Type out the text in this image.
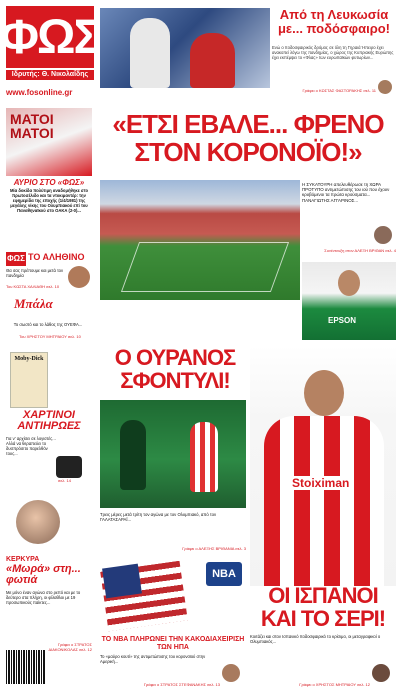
ΦΩΣ
Ιδρυτής: Θ. Νικολαΐδης
www.fosonline.gr
Από τη Λευκωσία με... ποδόσφαιρο!
Ενώ ο ποδοσφαιρικός δρόμος σε όλη τη Γηραιά Ήπειρο έχει ανακοπεί λόγω της πανδημίας, ο χώρος της Κυπριακής Ευρώπης έχει εκπέμψει το «Φλας» των ευρωπαϊκών φυτωρίων...
Γράφει ο ΚΩΣΤΑΣ ΦΑΣΤΟΡΑΚΗΣ σελ. 11
ΜΑΤΟΙ ΜΑΤΟΙ
ΑΥΡΙΟ ΣΤΟ «ΦΩΣ»
Μία δοκίδα πολύτιμη αναδομήθηκε στο πρωτοσέλιδο και τα ντοκιμαντέρ: την εφημερίδα της εποχής (1/4/1981) της μεγάλης νίκης του Ολυμπιακού επί του Παναθηναϊκού στο ΟΑΚΑ (2-0)...
ΦΩΣ ΤΟ ΑΛΗΘΙΝΟ
Θα σας πρέπουμε και μετά τον πανδημία
Του ΚΩΣΤΑ ΧΑΛΙΑΘΗ σελ. 10
Μπάλα
Το σωστό και το λάθος της ΟΥΕΦΑ...
Του ΧΡΗΣΤΟΥ ΜΗΤΡΑΙΟΥ σελ. 10
Moby-Dick
ΧΑΡΤΙΝΟΙ ΑΝΤΙΗΡΩΕΣ
Για ν' αρχίσει σε λογιστές... Αλλά να θεραπεύει το δυσπρόσιτο παρελθόν τους...
σελ. 14
ΚΕΡΚΥΡΑ
«Μωρά» στη... φωτιά
Με μόνο έναν αγώνα στο ρεπό και με το δεύτερο στα πλήρη, οι φίλαθλοι με 19 προσωπικούς παίκτες...
Γράφει ο ΣΤΡΑΤΟΣ ΔΙΑΚΟΝΙΚΟΛΑΣ σελ. 12
«ΕΤΣΙ ΕΒΑΛΕ... ΦΡΕΝΟ ΣΤΟΝ ΚΟΡΟΝΟΪΟ!»
Η ΣΥΚΑΤΟΥΡΗ απελευθέρωσε τη ΧΩΡΑ ΠΡΟΤΥΠΟ αντιμετώπισης του ιού που έχουν κρυβόμενοι τα πρώτα κρούσματα... ΠΑΝΑΓΙΩΤΗΣ ΑΓΓΑΡΙΝΟΣ...
Συνέντευξη στον ΑΛΕΞΗ ΒΡΙΘΑΝ σελ. 4
EPSON
Ο ΟΥΡΑΝΟΣ ΣΦΟΝΤΥΛΙ!
Τρεις μέρες μετά τρίτη τον αγώνα με τον Ολυμπιακό, από τον ΓΑΛΑΤΑΣΑΡΑΪ...
Γράφει ο ΑΛΕΞΗΣ ΒΡΙΘΑΝΙΑ σελ. 3
Stoiximan
ΟΙ ΙΣΠΑΝΟΙ ΚΑΙ ΤΟ ΣΕΡΙ!
Κοιτάζει και στον Ισπανικό ποδοσφαιρικό το κρίσιμο, οι μεταγραφικοί ο Ολυμπιακός...
Γράφει ο ΧΡΗΣΤΟΣ ΜΗΤΡΑΙΟΥ σελ. 12
NBA
ΤΟ NBA ΠΛΗΡΩΝΕΙ ΤΗΝ ΚΑΚΟΔΙΑΧΕΙΡΙΣΗ ΤΩΝ ΗΠΑ
Το «μαύρο κουτί» της αντιμετώπισης του κορονοϊού στην Αμερική...
Γράφει ο ΣΤΡΑΤΟΣ ΣΤΕΦΑΝΑΚΗΣ σελ. 13
